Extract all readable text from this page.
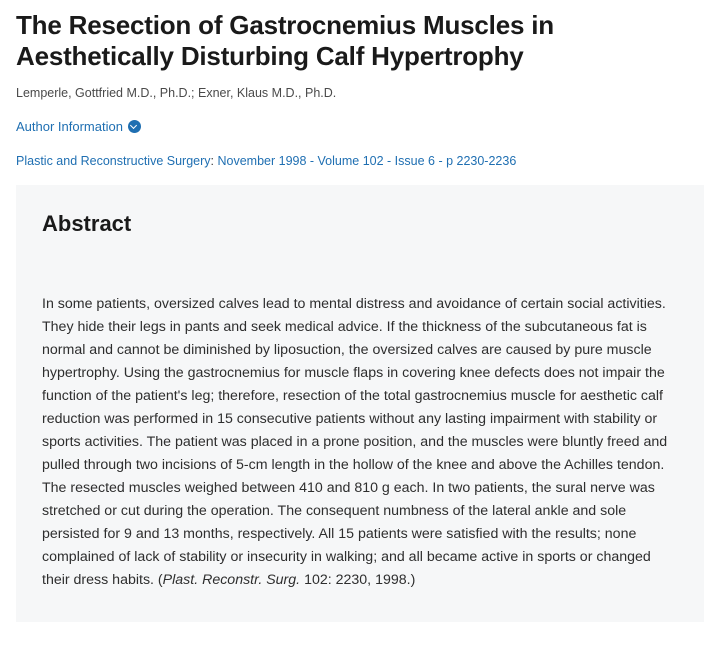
The Resection of Gastrocnemius Muscles in Aesthetically Disturbing Calf Hypertrophy
Lemperle, Gottfried M.D., Ph.D.; Exner, Klaus M.D., Ph.D.
Author Information
Plastic and Reconstructive Surgery: November 1998 - Volume 102 - Issue 6 - p 2230-2236
Abstract

In some patients, oversized calves lead to mental distress and avoidance of certain social activities. They hide their legs in pants and seek medical advice. If the thickness of the subcutaneous fat is normal and cannot be diminished by liposuction, the oversized calves are caused by pure muscle hypertrophy. Using the gastrocnemius for muscle flaps in covering knee defects does not impair the function of the patient's leg; therefore, resection of the total gastrocnemius muscle for aesthetic calf reduction was performed in 15 consecutive patients without any lasting impairment with stability or sports activities. The patient was placed in a prone position, and the muscles were bluntly freed and pulled through two incisions of 5-cm length in the hollow of the knee and above the Achilles tendon. The resected muscles weighed between 410 and 810 g each. In two patients, the sural nerve was stretched or cut during the operation. The consequent numbness of the lateral ankle and sole persisted for 9 and 13 months, respectively. All 15 patients were satisfied with the results; none complained of lack of stability or insecurity in walking; and all became active in sports or changed their dress habits. (Plast. Reconstr. Surg. 102: 2230, 1998.)
